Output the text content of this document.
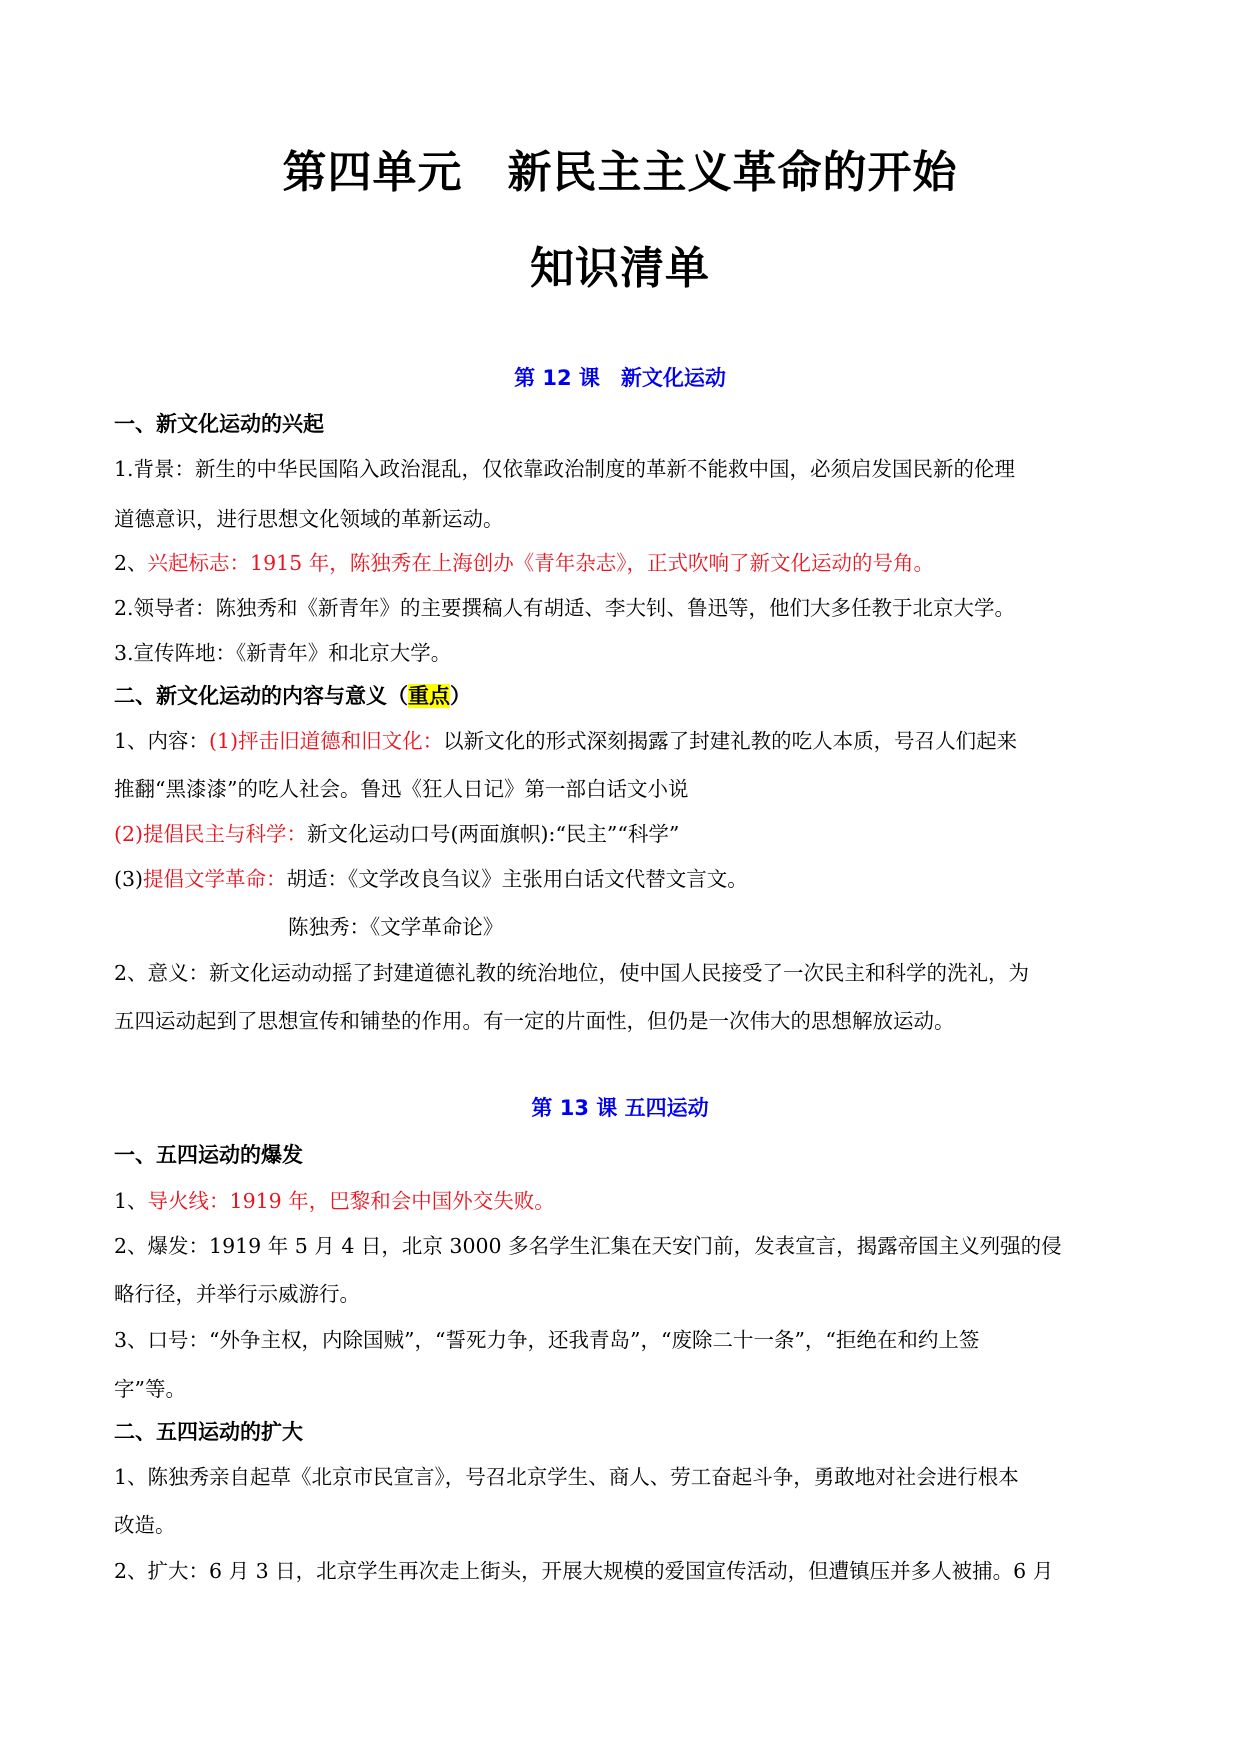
第四单元　新民主主义革命的开始
知识清单
第 12 课　新文化运动
一、新文化运动的兴起
1.背景：新生的中华民国陷入政治混乱，仅依靠政治制度的革新不能救中国，必须启发国民新的伦理
道德意识，进行思想文化领域的革新运动。
2、兴起标志：1915 年，陈独秀在上海创办《青年杂志》，正式吹响了新文化运动的号角。
2.领导者：陈独秀和《新青年》的主要撰稿人有胡适、李大钊、鲁迅等，他们大多任教于北京大学。
3.宣传阵地：《新青年》和北京大学。
二、新文化运动的内容与意义（重点）
1、内容：(1)抨击旧道德和旧文化：以新文化的形式深刻揭露了封建礼教的吃人本质，号召人们起来
推翻“黑漆漆”的吃人社会。鲁迅《狂人日记》第一部白话文小说
(2)提倡民主与科学：新文化运动口号(两面旗帜):“民主”“科学”
(3)提倡文学革命：胡适：《文学改良刍议》主张用白话文代替文言文。
陈独秀：《文学革命论》
2、意义：新文化运动动摇了封建道德礼教的统治地位，使中国人民接受了一次民主和科学的洗礼，为
五四运动起到了思想宣传和铺垫的作用。有一定的片面性，但仍是一次伟大的思想解放运动。
第 13 课 五四运动
一、五四运动的爆发
1、导火线：1919 年，巴黎和会中国外交失败。
2、爆发：1919 年 5 月 4 日，北京 3000 多名学生汇集在天安门前，发表宣言，揭露帝国主义列强的侵
略行径，并举行示威游行。
3、口号：“外争主权，内除国贼”，“誓死力争，还我青岛”，“废除二十一条”，“拒绝在和约上签
字”等。
二、五四运动的扩大
1、陈独秀亲自起草《北京市民宣言》，号召北京学生、商人、劳工奋起斗争，勇敢地对社会进行根本
改造。
2、扩大：6 月 3 日，北京学生再次走上街头，开展大规模的爱国宣传活动，但遭镇压并多人被捕。6 月
